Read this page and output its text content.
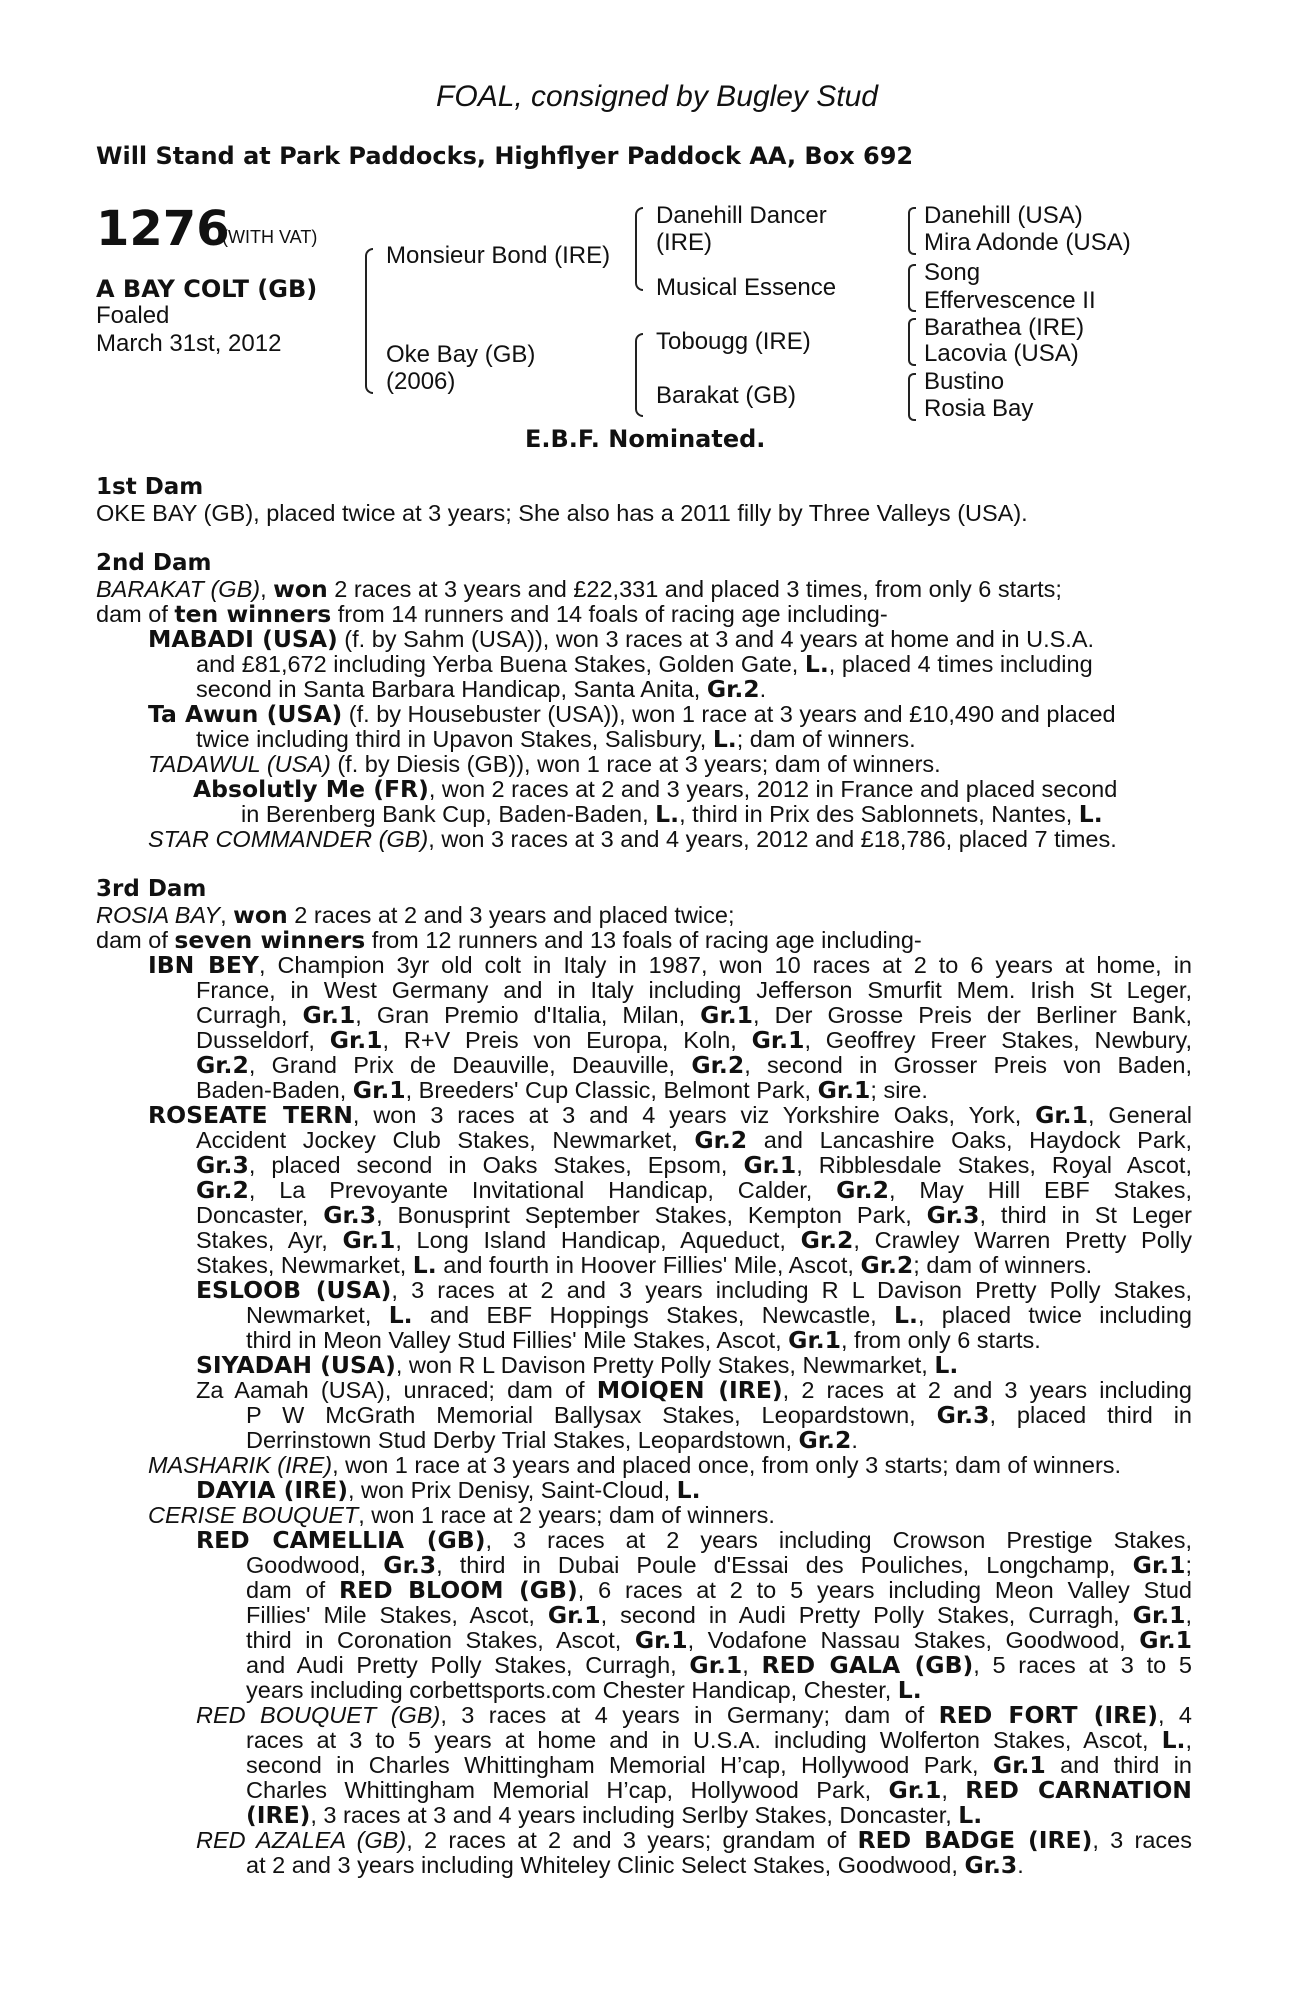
FOAL, consigned by Bugley Stud
Will Stand at Park Paddocks, Highflyer Paddock AA, Box 692
1276
(WITH VAT)
A BAY COLT (GB)
Foaled
March 31st, 2012
Monsieur Bond (IRE)
Oke Bay (GB)
(2006)
Danehill Dancer
(IRE)
Musical Essence
Tobougg (IRE)
Barakat (GB)
Danehill (USA)
Mira Adonde (USA)
Song
Effervescence II
Barathea (IRE)
Lacovia (USA)
Bustino
Rosia Bay
E.B.F. Nominated.
1st Dam
OKE BAY (GB), placed twice at 3 years; She also has a 2011 filly by Three Valleys (USA).
2nd Dam
BARAKAT (GB), won 2 races at 3 years and £22,331 and placed 3 times, from only 6 starts;
dam of ten winners from 14 runners and 14 foals of racing age including-
MABADI (USA) (f. by Sahm (USA)), won 3 races at 3 and 4 years at home and in U.S.A.
and £81,672 including Yerba Buena Stakes, Golden Gate, L., placed 4 times including
second in Santa Barbara Handicap, Santa Anita, Gr.2.
Ta Awun (USA) (f. by Housebuster (USA)), won 1 race at 3 years and £10,490 and placed
twice including third in Upavon Stakes, Salisbury, L.; dam of winners.
TADAWUL (USA) (f. by Diesis (GB)), won 1 race at 3 years; dam of winners.
Absolutly Me (FR), won 2 races at 2 and 3 years, 2012 in France and placed second
in Berenberg Bank Cup, Baden-Baden, L., third in Prix des Sablonnets, Nantes, L.
STAR COMMANDER (GB), won 3 races at 3 and 4 years, 2012 and £18,786, placed 7 times.
3rd Dam
ROSIA BAY, won 2 races at 2 and 3 years and placed twice;
dam of seven winners from 12 runners and 13 foals of racing age including-
IBN BEY, Champion 3yr old colt in Italy in 1987, won 10 races at 2 to 6 years at home, in
France, in West Germany and in Italy including Jefferson Smurfit Mem. Irish St Leger,
Curragh, Gr.1, Gran Premio d'Italia, Milan, Gr.1, Der Grosse Preis der Berliner Bank,
Dusseldorf, Gr.1, R+V Preis von Europa, Koln, Gr.1, Geoffrey Freer Stakes, Newbury,
Gr.2, Grand Prix de Deauville, Deauville, Gr.2, second in Grosser Preis von Baden,
Baden-Baden, Gr.1, Breeders' Cup Classic, Belmont Park, Gr.1; sire.
ROSEATE TERN, won 3 races at 3 and 4 years viz Yorkshire Oaks, York, Gr.1, General
Accident Jockey Club Stakes, Newmarket, Gr.2 and Lancashire Oaks, Haydock Park,
Gr.3, placed second in Oaks Stakes, Epsom, Gr.1, Ribblesdale Stakes, Royal Ascot,
Gr.2, La Prevoyante Invitational Handicap, Calder, Gr.2, May Hill EBF Stakes,
Doncaster, Gr.3, Bonusprint September Stakes, Kempton Park, Gr.3, third in St Leger
Stakes, Ayr, Gr.1, Long Island Handicap, Aqueduct, Gr.2, Crawley Warren Pretty Polly
Stakes, Newmarket, L. and fourth in Hoover Fillies' Mile, Ascot, Gr.2; dam of winners.
ESLOOB (USA), 3 races at 2 and 3 years including R L Davison Pretty Polly Stakes,
Newmarket, L. and EBF Hoppings Stakes, Newcastle, L., placed twice including
third in Meon Valley Stud Fillies' Mile Stakes, Ascot, Gr.1, from only 6 starts.
SIYADAH (USA), won R L Davison Pretty Polly Stakes, Newmarket, L.
Za Aamah (USA), unraced; dam of MOIQEN (IRE), 2 races at 2 and 3 years including
P W McGrath Memorial Ballysax Stakes, Leopardstown, Gr.3, placed third in
Derrinstown Stud Derby Trial Stakes, Leopardstown, Gr.2.
MASHARIK (IRE), won 1 race at 3 years and placed once, from only 3 starts; dam of winners.
DAYIA (IRE), won Prix Denisy, Saint-Cloud, L.
CERISE BOUQUET, won 1 race at 2 years; dam of winners.
RED CAMELLIA (GB), 3 races at 2 years including Crowson Prestige Stakes,
Goodwood, Gr.3, third in Dubai Poule d'Essai des Pouliches, Longchamp, Gr.1;
dam of RED BLOOM (GB), 6 races at 2 to 5 years including Meon Valley Stud
Fillies' Mile Stakes, Ascot, Gr.1, second in Audi Pretty Polly Stakes, Curragh, Gr.1,
third in Coronation Stakes, Ascot, Gr.1, Vodafone Nassau Stakes, Goodwood, Gr.1
and Audi Pretty Polly Stakes, Curragh, Gr.1, RED GALA (GB), 5 races at 3 to 5
years including corbettsports.com Chester Handicap, Chester, L.
RED BOUQUET (GB), 3 races at 4 years in Germany; dam of RED FORT (IRE), 4
races at 3 to 5 years at home and in U.S.A. including Wolferton Stakes, Ascot, L.,
second in Charles Whittingham Memorial H’cap, Hollywood Park, Gr.1 and third in
Charles Whittingham Memorial H’cap, Hollywood Park, Gr.1, RED CARNATION
(IRE), 3 races at 3 and 4 years including Serlby Stakes, Doncaster, L.
RED AZALEA (GB), 2 races at 2 and 3 years; grandam of RED BADGE (IRE), 3 races
at 2 and 3 years including Whiteley Clinic Select Stakes, Goodwood, Gr.3.
